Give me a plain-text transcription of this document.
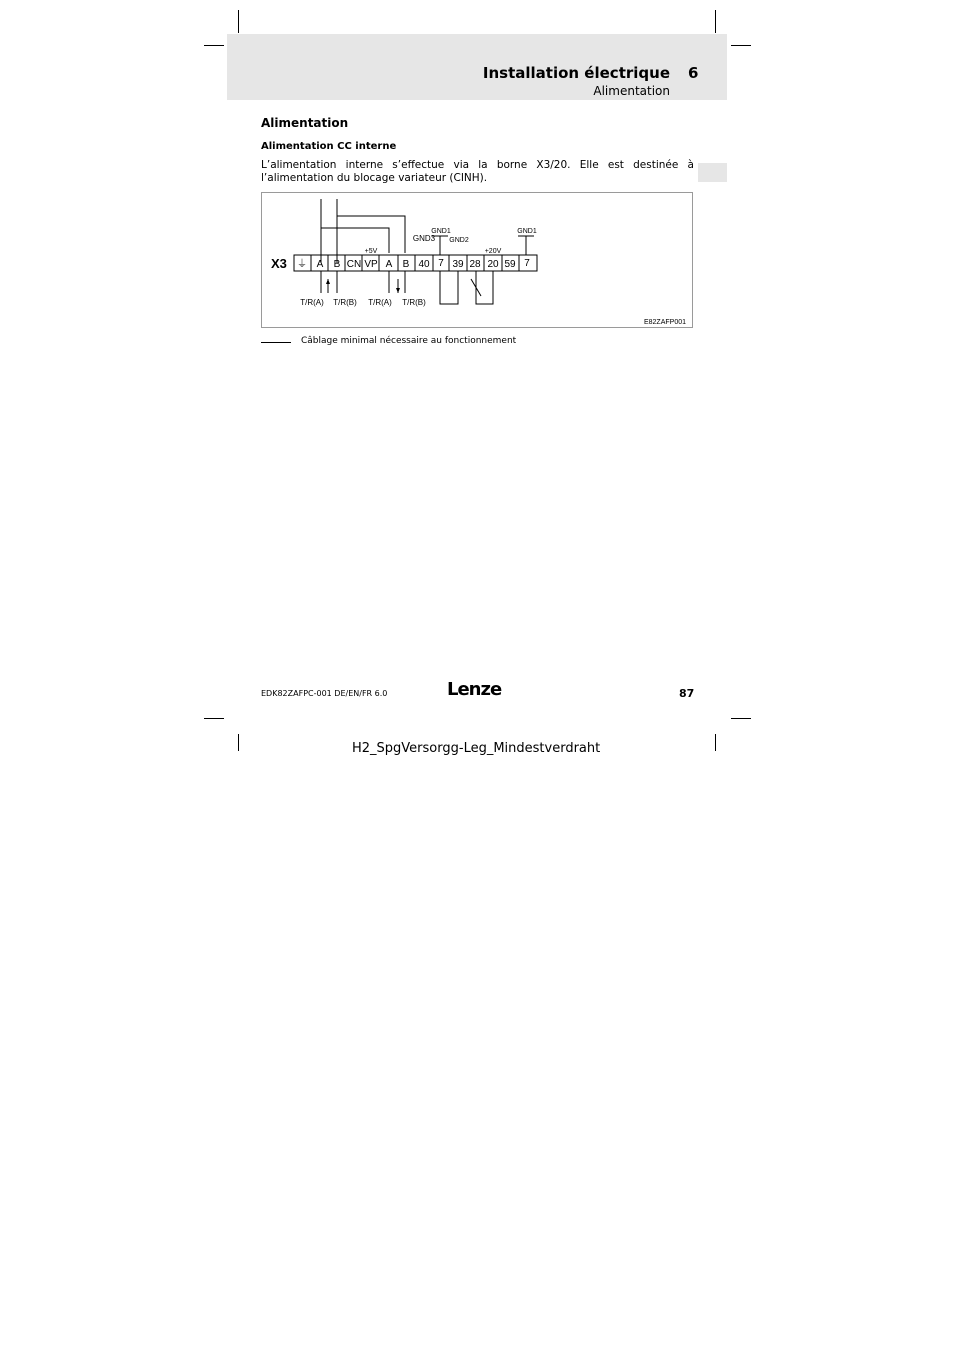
Installation électrique 6
Alimentation
Alimentation
Alimentation CC interne
L’alimentation interne s’effectue via la borne X3/20. Elle est destinée à l’alimentation du blocage variateur (CINH).
X3 ⏚ A B CN VP A B 40 7 39 28 20 59 7
GND1
GND3 GND2
+5V	+20V
GND1
T/R(A) T/R(B) T/R(A) T/R(B)
E82ZAFP001
Câblage minimal nécessaire au fonctionnement
EDK82ZAFPC-001 DE/EN/FR 6.0	Lenze	87
H2_SpgVersorgg-Leg_Mindestverdraht
